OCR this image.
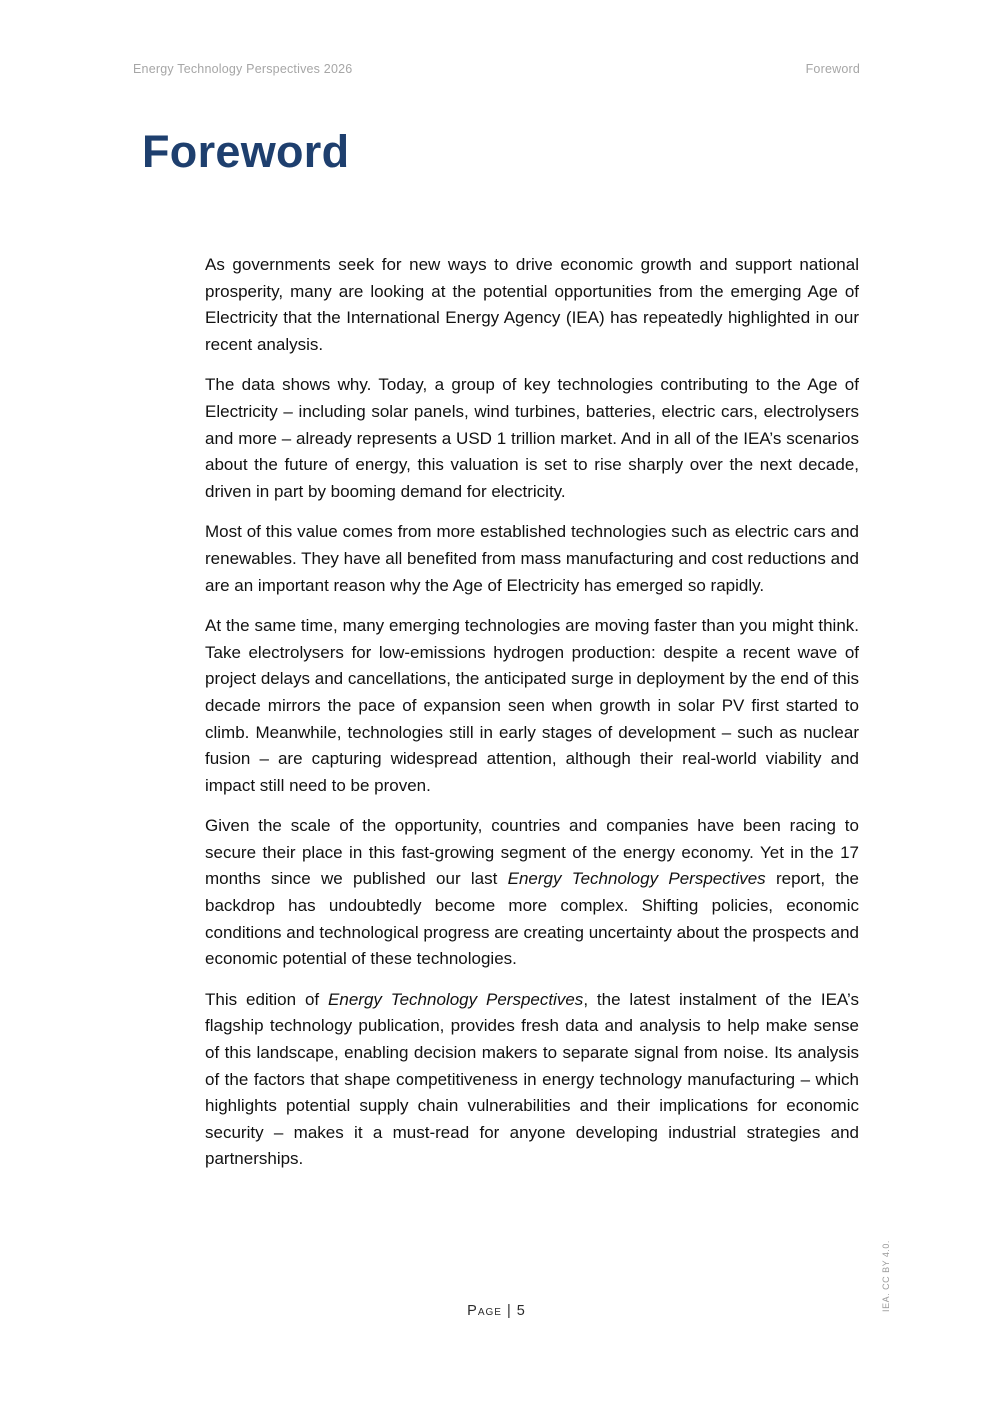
Energy Technology Perspectives 2026	Foreword
Foreword

As governments seek for new ways to drive economic growth and support national prosperity, many are looking at the potential opportunities from the emerging Age of Electricity that the International Energy Agency (IEA) has repeatedly highlighted in our recent analysis.

The data shows why. Today, a group of key technologies contributing to the Age of Electricity – including solar panels, wind turbines, batteries, electric cars, electrolysers and more – already represents a USD 1 trillion market. And in all of the IEA’s scenarios about the future of energy, this valuation is set to rise sharply over the next decade, driven in part by booming demand for electricity.

Most of this value comes from more established technologies such as electric cars and renewables. They have all benefited from mass manufacturing and cost reductions and are an important reason why the Age of Electricity has emerged so rapidly.

At the same time, many emerging technologies are moving faster than you might think. Take electrolysers for low-emissions hydrogen production: despite a recent wave of project delays and cancellations, the anticipated surge in deployment by the end of this decade mirrors the pace of expansion seen when growth in solar PV first started to climb. Meanwhile, technologies still in early stages of development – such as nuclear fusion – are capturing widespread attention, although their real-world viability and impact still need to be proven.

Given the scale of the opportunity, countries and companies have been racing to secure their place in this fast-growing segment of the energy economy. Yet in the 17 months since we published our last Energy Technology Perspectives report, the backdrop has undoubtedly become more complex. Shifting policies, economic conditions and technological progress are creating uncertainty about the prospects and economic potential of these technologies.

This edition of Energy Technology Perspectives, the latest instalment of the IEA’s flagship technology publication, provides fresh data and analysis to help make sense of this landscape, enabling decision makers to separate signal from noise. Its analysis of the factors that shape competitiveness in energy technology manufacturing – which highlights potential supply chain vulnerabilities and their implications for economic security – makes it a must-read for anyone developing industrial strategies and partnerships.

Page | 5	IEA. CC BY 4.0.
